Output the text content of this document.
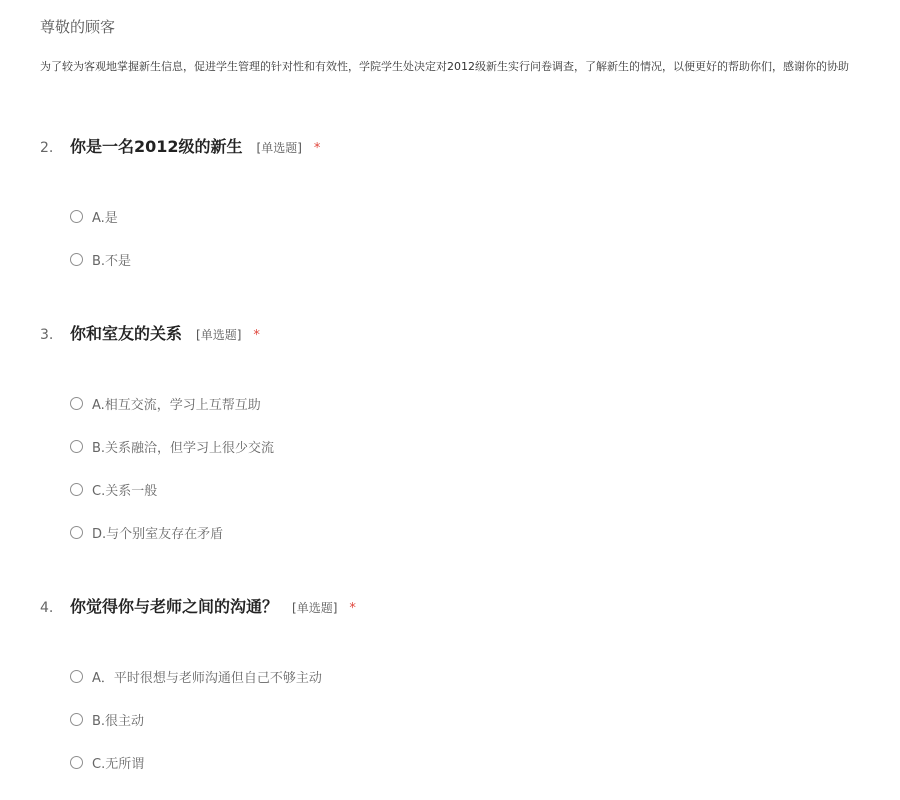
尊敬的顾客
为了较为客观地掌握新生信息，促进学生管理的针对性和有效性，学院学生处决定对2012级新生实行问卷调查，了解新生的情况，以便更好的帮助你们，感谢你的协助
2.	你是一名2012级的新生 [单选题] *
A.是
B.不是
3.	你和室友的关系 [单选题] *
A.相互交流，学习上互帮互助
B.关系融洽，但学习上很少交流
C.关系一般
D.与个别室友存在矛盾
4.	你觉得你与老师之间的沟通？ [单选题] *
A．平时很想与老师沟通但自己不够主动
B.很主动
C.无所谓
